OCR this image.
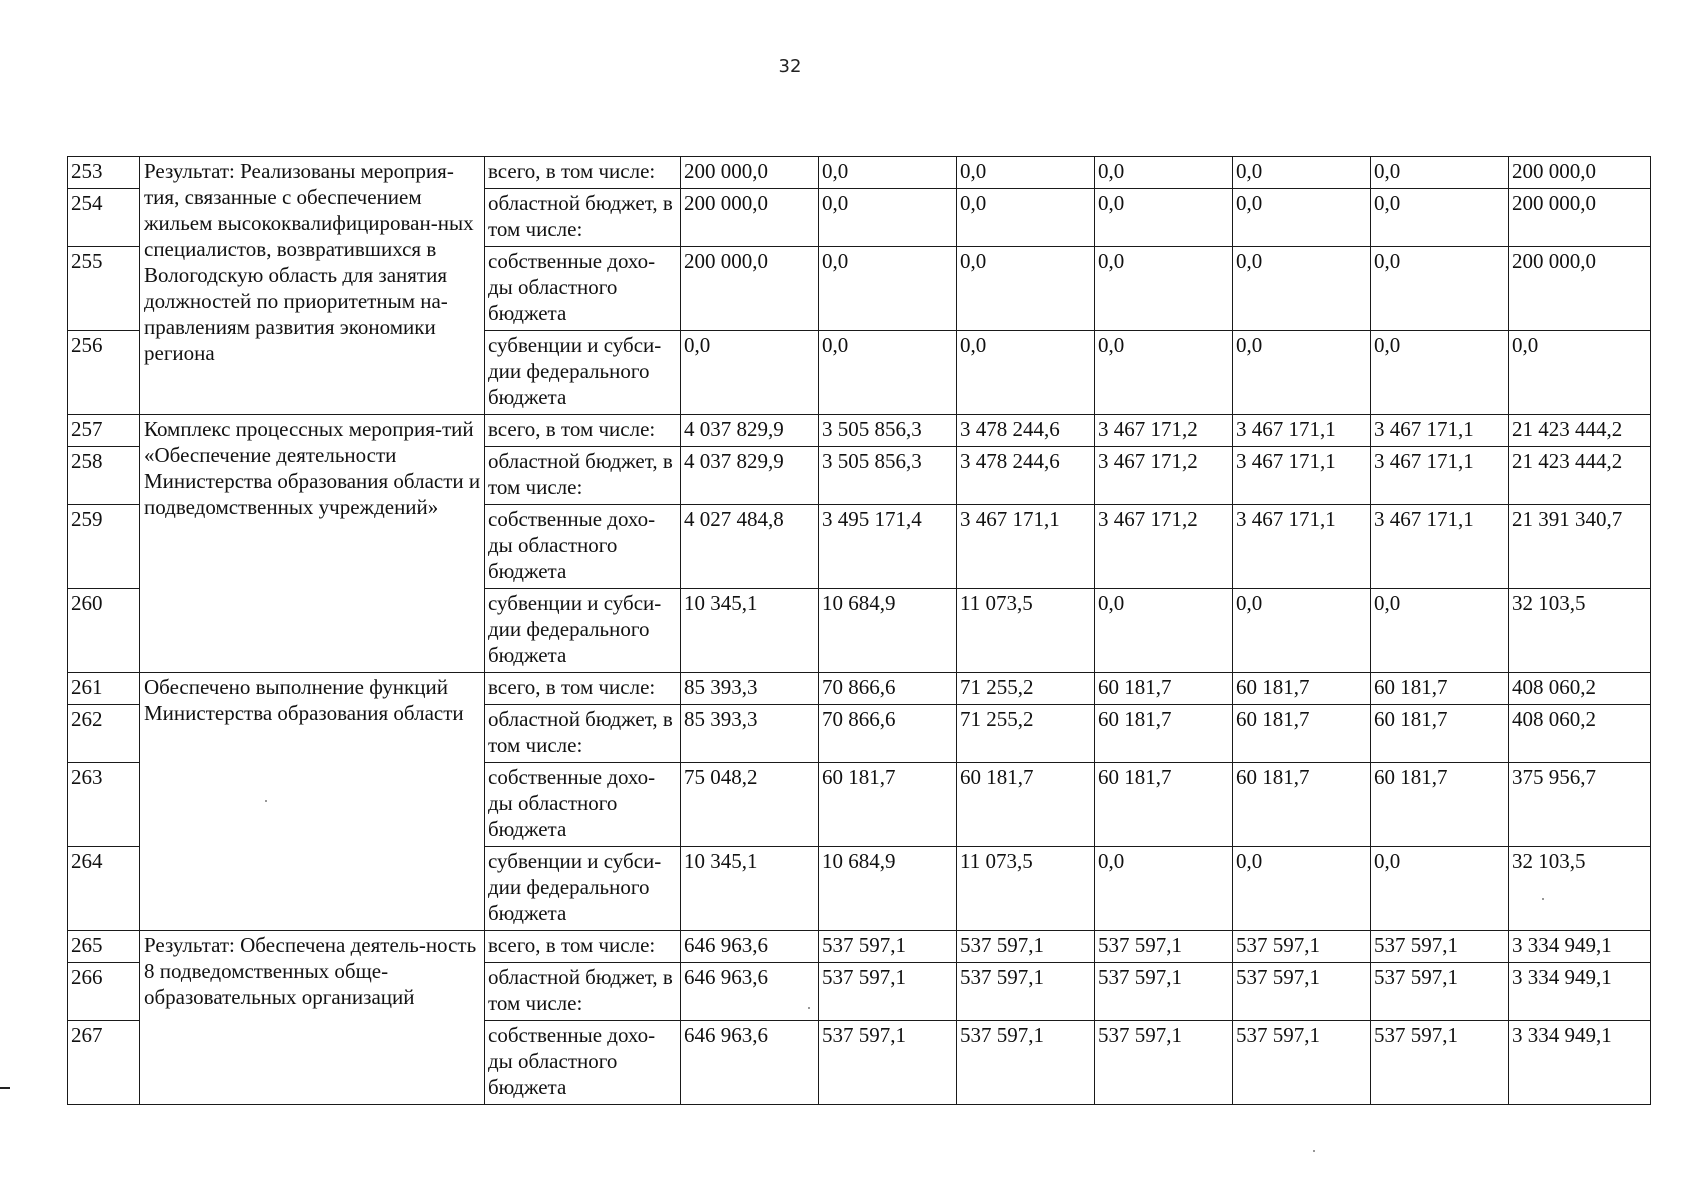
32
253	Результат: Реализованы мероприя-тия, связанные с обеспечением жильем высококвалифицирован-ных специалистов, возвратившихся в Вологодскую область для занятия должностей по приоритетным на-правлениям развития экономики региона	всего, в том числе:	200 000,0	0,0	0,0	0,0	0,0	0,0	200 000,0
254		областной бюджет, в том числе:	200 000,0	0,0	0,0	0,0	0,0	0,0	200 000,0
255		собственные дохо-ды областного бюджета	200 000,0	0,0	0,0	0,0	0,0	0,0	200 000,0
256		субвенции и субси-дии федерального бюджета	0,0	0,0	0,0	0,0	0,0	0,0	0,0
257	Комплекс процессных мероприя-тий «Обеспечение деятельности Министерства образования области и подведомственных учреждений»	всего, в том числе:	4 037 829,9	3 505 856,3	3 478 244,6	3 467 171,2	3 467 171,1	3 467 171,1	21 423 444,2
258		областной бюджет, в том числе:	4 037 829,9	3 505 856,3	3 478 244,6	3 467 171,2	3 467 171,1	3 467 171,1	21 423 444,2
259		собственные дохо-ды областного бюджета	4 027 484,8	3 495 171,4	3 467 171,1	3 467 171,2	3 467 171,1	3 467 171,1	21 391 340,7
260		субвенции и субси-дии федерального бюджета	10 345,1	10 684,9	11 073,5	0,0	0,0	0,0	32 103,5
261	Обеспечено выполнение функций Министерства образования области	всего, в том числе:	85 393,3	70 866,6	71 255,2	60 181,7	60 181,7	60 181,7	408 060,2
262		областной бюджет, в том числе:	85 393,3	70 866,6	71 255,2	60 181,7	60 181,7	60 181,7	408 060,2
263		собственные дохо-ды областного бюджета	75 048,2	60 181,7	60 181,7	60 181,7	60 181,7	60 181,7	375 956,7
264		субвенции и субси-дии федерального бюджета	10 345,1	10 684,9	11 073,5	0,0	0,0	0,0	32 103,5
265	Результат: Обеспечена деятель-ность 8 подведомственных обще-образовательных организаций	всего, в том числе:	646 963,6	537 597,1	537 597,1	537 597,1	537 597,1	537 597,1	3 334 949,1
266		областной бюджет, в том числе:	646 963,6	537 597,1	537 597,1	537 597,1	537 597,1	537 597,1	3 334 949,1
267		собственные дохо-ды областного бюджета	646 963,6	537 597,1	537 597,1	537 597,1	537 597,1	537 597,1	3 334 949,1
